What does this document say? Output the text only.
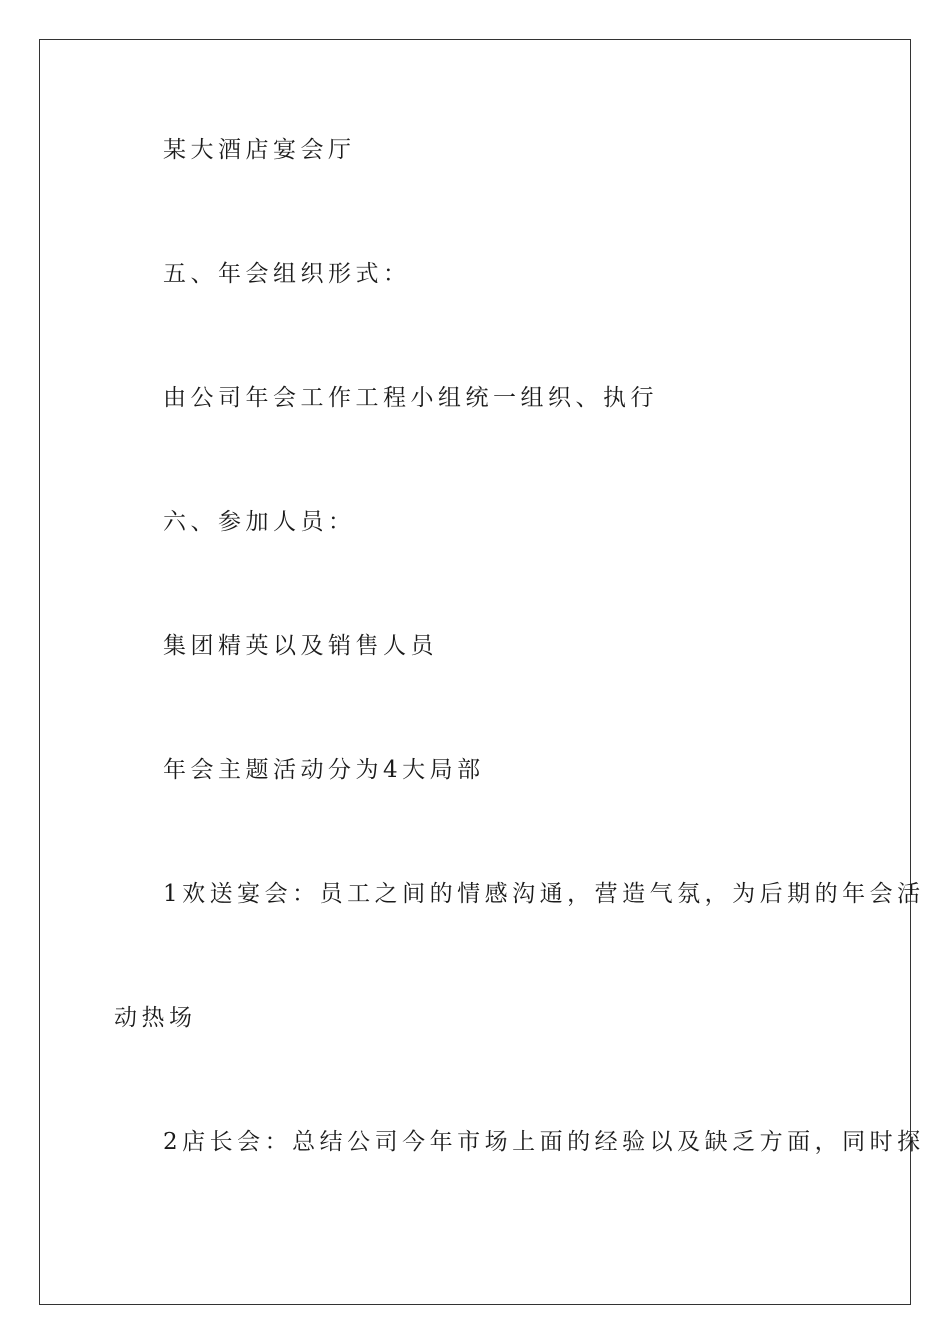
某大酒店宴会厅
五、年会组织形式：
由公司年会工作工程小组统一组织、执行
六、参加人员：
集团精英以及销售人员
年会主题活动分为4大局部
1欢送宴会：员工之间的情感沟通，营造气氛，为后期的年会活
动热场
2店长会：总结公司今年市场上面的经验以及缺乏方面，同时探
